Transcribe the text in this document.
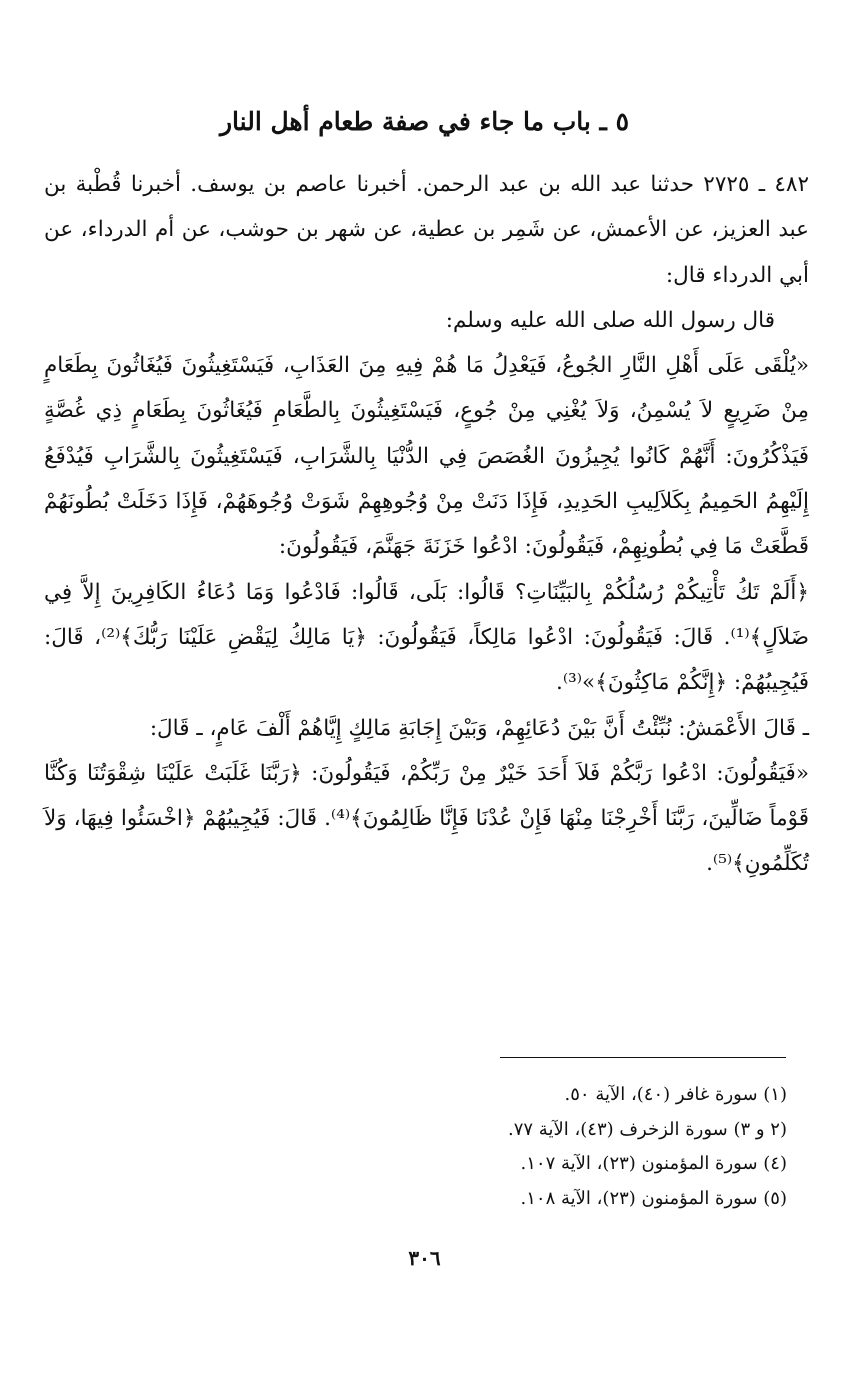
٥ ـ باب ما جاء في صفة طعام أهل النار

٤٨٢ ـ ٢٧٢٥ حدثنا عبد الله بن عبد الرحمن. أخبرنا عاصم بن يوسف. أخبرنا قُطْبة بن عبد العزيز، عن الأعمش، عن شَمِر بن عطية، عن شهر بن حوشب، عن أم الدرداء، عن أبي الدرداء قال:

قال رسول الله صلى الله عليه وسلم:

«يُلْقَى عَلَى أَهْلِ النَّارِ الجُوعُ، فَيَعْدِلُ مَا هُمْ فِيهِ مِنَ العَذَابِ، فَيَسْتَغِيثُونَ فَيُغَاثُونَ بِطَعَامٍ مِنْ ضَرِيعٍ لاَ يُسْمِنُ، وَلاَ يُغْنِي مِنْ جُوعٍ، فَيَسْتَغِيثُونَ بِالطَّعَامِ فَيُغَاثُونَ بِطَعَامٍ ذِي غُصَّةٍ فَيَذْكُرُونَ: أَنَّهُمْ كَانُوا يُجِيزُونَ الغُصَصَ فِي الدُّنْيَا بِالشَّرَابِ، فَيَسْتَغِيثُونَ بِالشَّرَابِ فَيُدْفَعُ إِلَيْهِمُ الحَمِيمُ بِكَلاَلِيبِ الحَدِيدِ، فَإِذَا دَنَتْ مِنْ وُجُوهِهِمْ شَوَتْ وُجُوهَهُمْ، فَإِذَا دَخَلَتْ بُطُونَهُمْ قَطَّعَتْ مَا فِي بُطُونِهِمْ، فَيَقُولُونَ: ادْعُوا خَزَنَةَ جَهَنَّمَ، فَيَقُولُونَ:

﴿أَلَمْ تَكُ تَأْتِيكُمْ رُسُلُكُمْ بِالبَيِّنَاتِ؟ قَالُوا: بَلَى، قَالُوا: فَادْعُوا وَمَا دُعَاءُ الكَافِرِينَ إِلاَّ فِي ضَلاَلٍ﴾⁽¹⁾. قَالَ: فَيَقُولُونَ: ادْعُوا مَالِكاً، فَيَقُولُونَ: ﴿يَا مَالِكُ لِيَقْضِ عَلَيْنَا رَبُّكَ﴾⁽²⁾، قَالَ: فَيُجِيبُهُمْ: ﴿إِنَّكُمْ مَاكِثُونَ﴾»⁽³⁾.

ـ قَالَ الأَعْمَشُ: نُبِّئْتُ أَنَّ بَيْنَ دُعَائِهِمْ، وَبَيْنَ إِجَابَةِ مَالِكٍ إِيَّاهُمْ أَلْفَ عَامٍ، ـ قَالَ:

«فَيَقُولُونَ: ادْعُوا رَبَّكُمْ فَلاَ أَحَدَ خَيْرٌ مِنْ رَبِّكُمْ، فَيَقُولُونَ: ﴿رَبَّنَا غَلَبَتْ عَلَيْنَا شِقْوَتُنَا وَكُنَّا قَوْماً ضَالِّينَ، رَبَّنَا أَخْرِجْنَا مِنْهَا فَإِنْ عُدْنَا فَإِنَّا ظَالِمُونَ﴾⁽⁴⁾. قَالَ: فَيُجِيبُهُمْ ﴿اخْسَئُوا فِيهَا، وَلاَ تُكَلِّمُونِ﴾⁽⁵⁾.

(١) سورة غافر (٤٠)، الآية ٥٠.
(٢ و ٣) سورة الزخرف (٤٣)، الآية ٧٧.
(٤) سورة المؤمنون (٢٣)، الآية ١٠٧.
(٥) سورة المؤمنون (٢٣)، الآية ١٠٨.
٣٠٦
